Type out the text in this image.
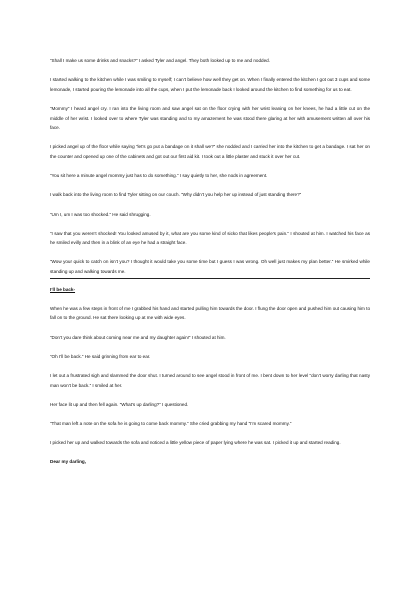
“Shall I make us some drinks and snacks?” I asked Tyler and angel. They both looked up to me and nodded.

I started walking to the kitchen while I was smiling to myself; I can’t believe how well they get on. When I finally entered the kitchen I got out 3 cups and some lemonade, I started pouring the lemonade into all the cups, when I put the lemonade back I looked around the kitchen to find something for us to eat.

“Mommy” I heard angel cry. I ran into the living room and saw angel sat on the floor crying with her wrist leaning on her knees, he had a little cut on the middle of her wrist. I looked over to where Tyler was standing and to my amazement he was stood there glaring at her with amusement written all over his face.

I picked angel up of the floor while saying “let’s go put a bandage on it shall we?” she nodded and I carried her into the kitchen to get a bandage. I sat her on the counter and opened up one of the cabinets and got out our first aid kit. I took out a little plaster and stuck it over her cut.

“You sit here a minute angel mommy just has to do something.” I say quietly to her, she nods in agreement.

I walk back into the living room to find Tyler sitting on our couch. “Why didn’t you help her up instead of just standing there?”

“Um I, um I was too shocked.” He said shrugging.

“I saw that you weren’t shocked! You looked amused by it, what are you some kind of sicko that likes people’s pain.” I shouted at him. I watched his face as he smiled evilly and then in a blink of an eye he had a straight face.

“Wow your quick to catch on isn’t you? I thought it would take you some time but I guess I was wrong. Oh well just makes my plan better.” He smirked while standing up and walking towards me.

I’ll be back-

When he was a few steps in front of me I grabbed his hand and started pulling him towards the door. I flung the door open and pushed him out causing him to fall on to the ground. He sat there looking up at me with wide eyes.

“Don’t you dare think about coming near me and my daughter again!” I shouted at him.

“Oh I’ll be back.” He said grinning from ear to ear.

I let out a frustrated sigh and slammed the door shut. I turned around to see angel stood in front of me. I bent down to her level “don’t worry darling that nasty man won’t be back.” I smiled at her.

Her face lit up and then fell again. “What’s up darling?” I questioned.

“That man left a note on the sofa he is going to come back mommy.” She cried grabbing my hand “I’m scared mommy.”

I picked her up and walked towards the sofa and noticed a little yellow piece of paper lying where he was sat. I picked it up and started reading.

Dear my darling,
